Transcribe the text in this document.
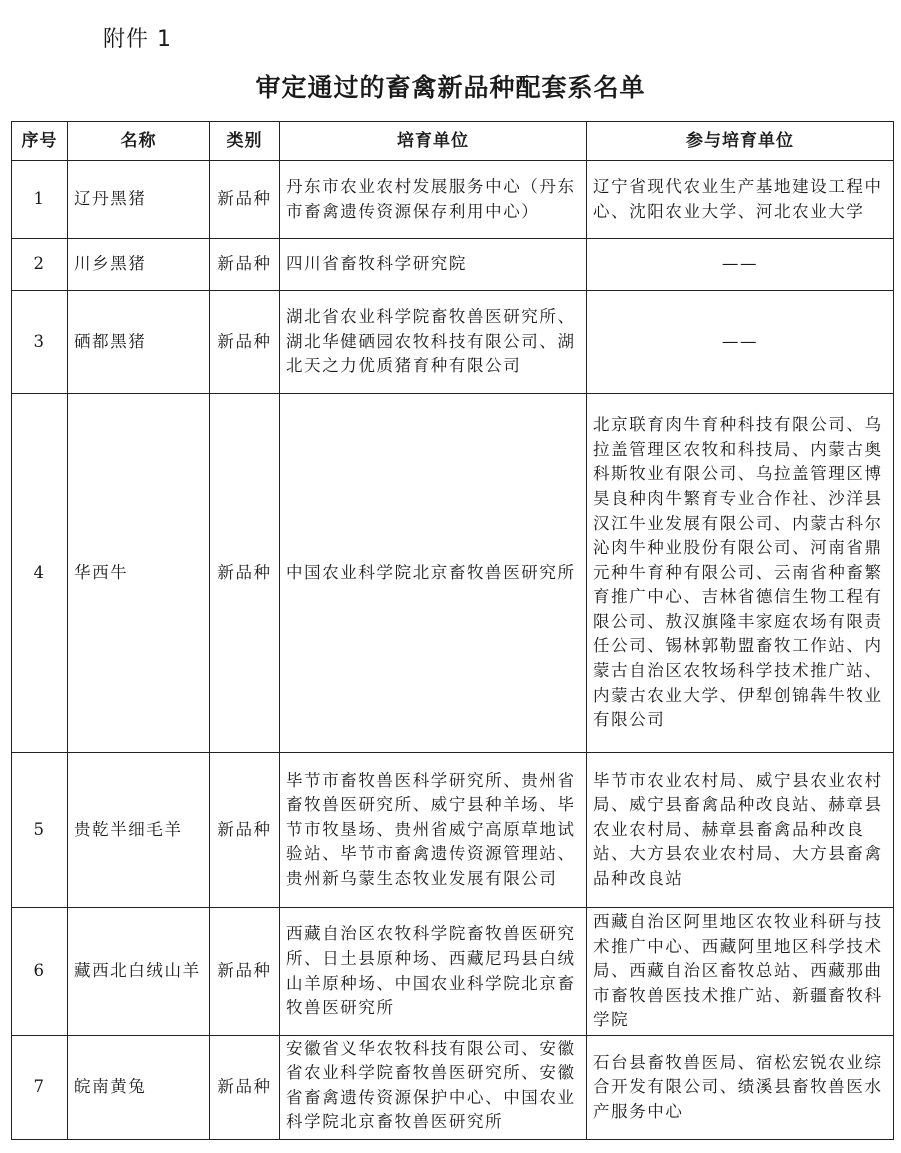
附件 1
审定通过的畜禽新品种配套系名单
序号	名称	类别	培育单位	参与培育单位
1	辽丹黑猪	新品种	丹东市农业农村发展服务中心（丹东市畜禽遗传资源保存利用中心）	辽宁省现代农业生产基地建设工程中心、沈阳农业大学、河北农业大学
2	川乡黑猪	新品种	四川省畜牧科学研究院	——
3	硒都黑猪	新品种	湖北省农业科学院畜牧兽医研究所、湖北华健硒园农牧科技有限公司、湖北天之力优质猪育种有限公司	——
4	华西牛	新品种	中国农业科学院北京畜牧兽医研究所	北京联育肉牛育种科技有限公司、乌拉盖管理区农牧和科技局、内蒙古奥科斯牧业有限公司、乌拉盖管理区博昊良种肉牛繁育专业合作社、沙洋县汉江牛业发展有限公司、内蒙古科尔沁肉牛种业股份有限公司、河南省鼎元种牛育种有限公司、云南省种畜繁育推广中心、吉林省德信生物工程有限公司、敖汉旗隆丰家庭农场有限责任公司、锡林郭勒盟畜牧工作站、内蒙古自治区农牧场科学技术推广站、内蒙古农业大学、伊犁创锦犇牛牧业有限公司
5	贵乾半细毛羊	新品种	毕节市畜牧兽医科学研究所、贵州省畜牧兽医研究所、威宁县种羊场、毕节市牧垦场、贵州省威宁高原草地试验站、毕节市畜禽遗传资源管理站、贵州新乌蒙生态牧业发展有限公司	毕节市农业农村局、威宁县农业农村局、威宁县畜禽品种改良站、赫章县农业农村局、赫章县畜禽品种改良站、大方县农业农村局、大方县畜禽品种改良站
6	藏西北白绒山羊	新品种	西藏自治区农牧科学院畜牧兽医研究所、日土县原种场、西藏尼玛县白绒山羊原种场、中国农业科学院北京畜牧兽医研究所	西藏自治区阿里地区农牧业科研与技术推广中心、西藏阿里地区科学技术局、西藏自治区畜牧总站、西藏那曲市畜牧兽医技术推广站、新疆畜牧科学院
7	皖南黄兔	新品种	安徽省义华农牧科技有限公司、安徽省农业科学院畜牧兽医研究所、安徽省畜禽遗传资源保护中心、中国农业科学院北京畜牧兽医研究所	石台县畜牧兽医局、宿松宏锐农业综合开发有限公司、绩溪县畜牧兽医水产服务中心
